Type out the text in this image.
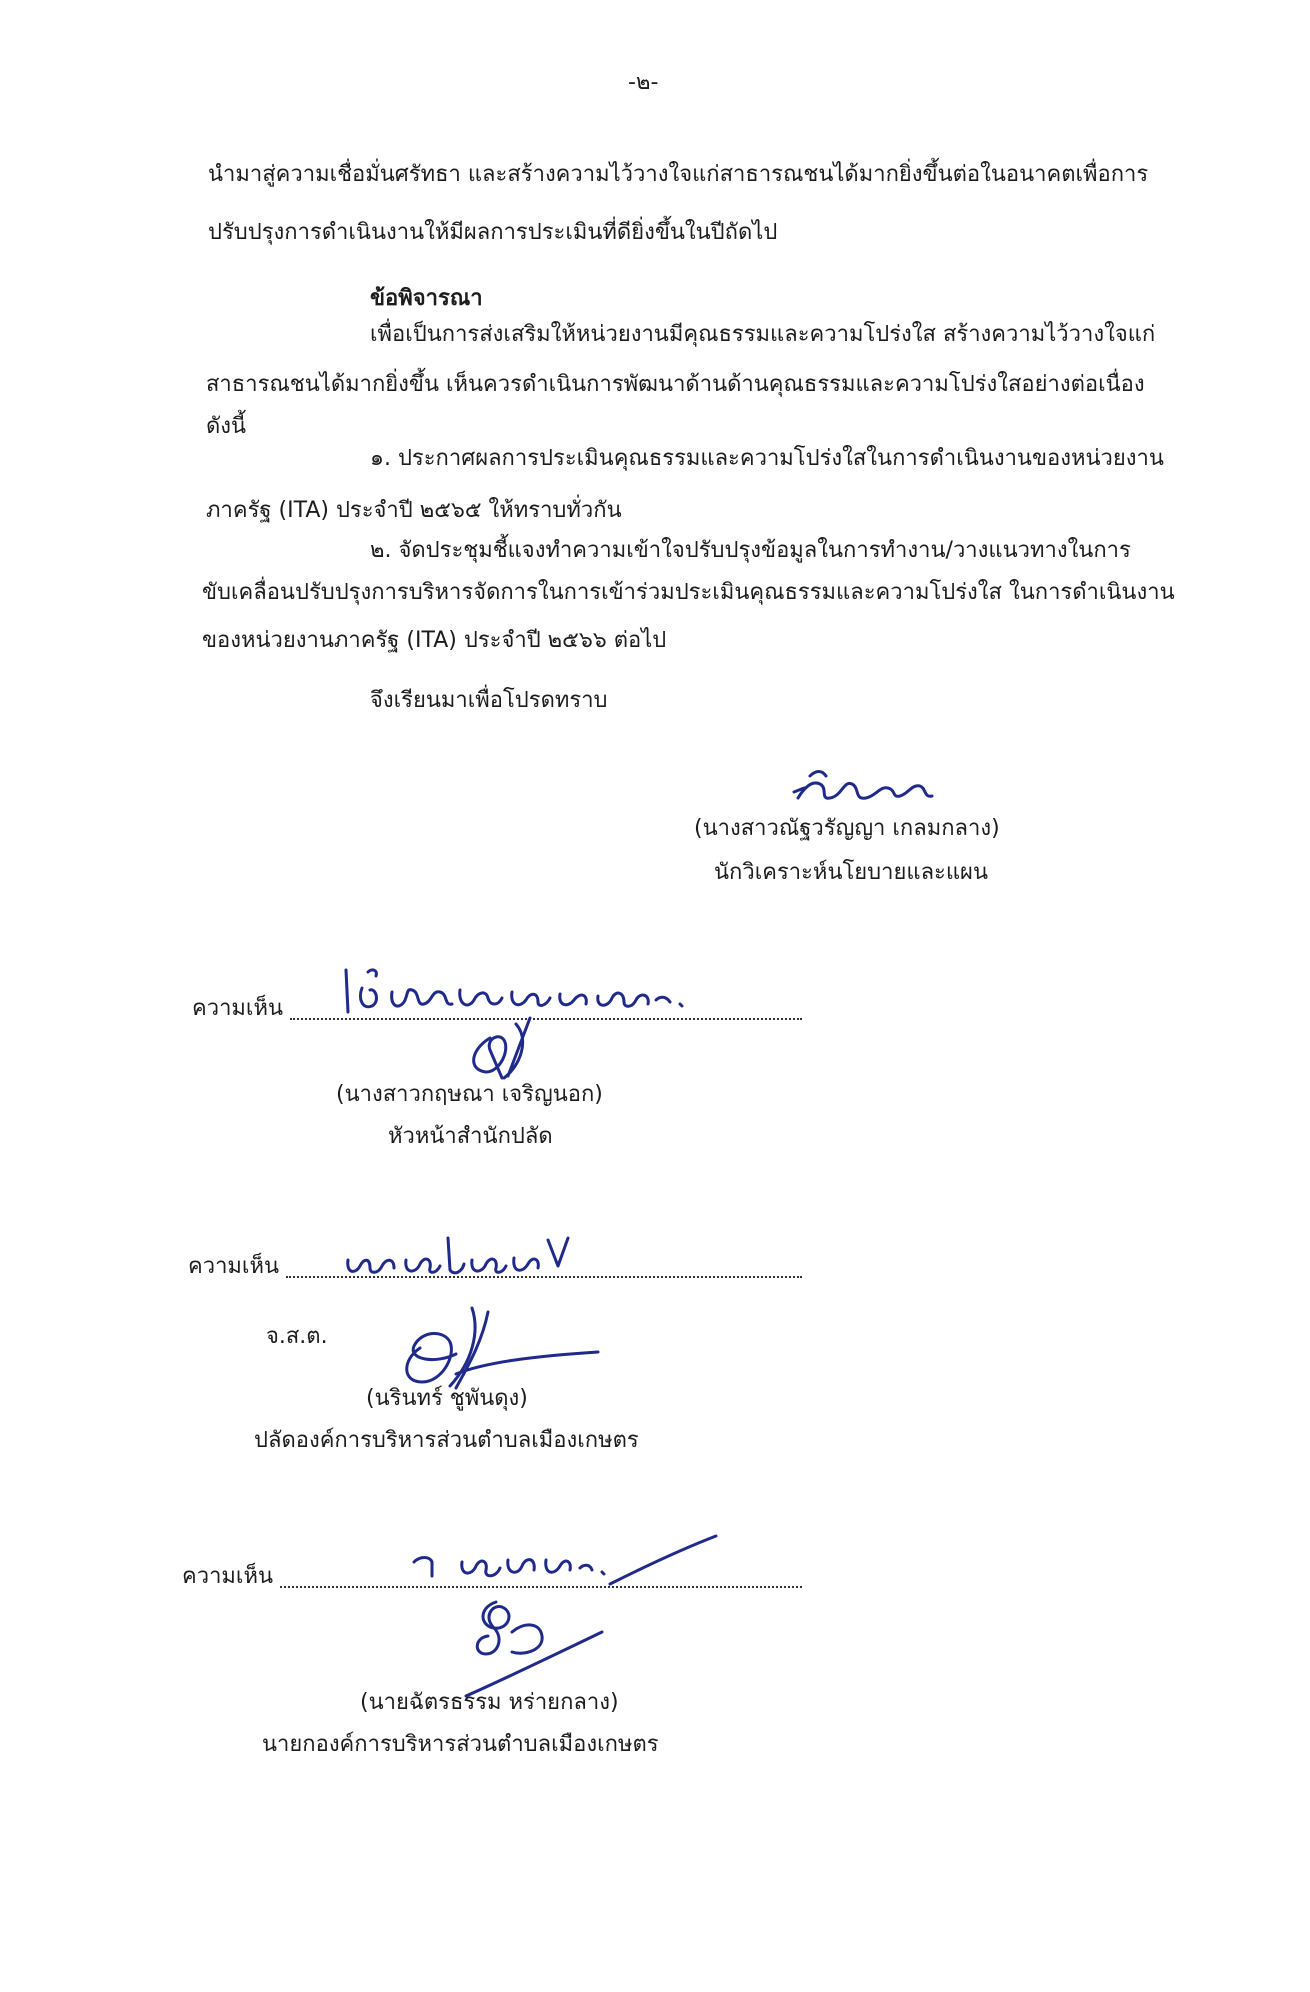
-๒-
นำมาสู่ความเชื่อมั่นศรัทธา และสร้างความไว้วางใจแก่สาธารณชนได้มากยิ่งขึ้นต่อในอนาคตเพื่อการ
ปรับปรุงการดำเนินงานให้มีผลการประเมินที่ดียิ่งขึ้นในปีถัดไป
ข้อพิจารณา
เพื่อเป็นการส่งเสริมให้หน่วยงานมีคุณธรรมและความโปร่งใส สร้างความไว้วางใจแก่
สาธารณชนได้มากยิ่งขึ้น เห็นควรดำเนินการพัฒนาด้านด้านคุณธรรมและความโปร่งใสอย่างต่อเนื่อง
ดังนี้
๑. ประกาศผลการประเมินคุณธรรมและความโปร่งใสในการดำเนินงานของหน่วยงาน
ภาครัฐ (ITA) ประจำปี ๒๕๖๕ ให้ทราบทั่วกัน
๒. จัดประชุมชี้แจงทำความเข้าใจปรับปรุงข้อมูลในการทำงาน/วางแนวทางในการ
ขับเคลื่อนปรับปรุงการบริหารจัดการในการเข้าร่วมประเมินคุณธรรมและความโปร่งใส ในการดำเนินงาน
ของหน่วยงานภาครัฐ (ITA) ประจำปี ๒๕๖๖ ต่อไป
จึงเรียนมาเพื่อโปรดทราบ
(นางสาวณัฐวรัญญา เกลมกลาง)
นักวิเคราะห์นโยบายและแผน
ความเห็น
(นางสาวกฤษณา เจริญนอก)
หัวหน้าสำนักปลัด
ความเห็น
จ.ส.ต.
(นรินทร์ ชูพันดุง)
ปลัดองค์การบริหารส่วนตำบลเมืองเกษตร
ความเห็น
(นายฉัตรธรรม หร่ายกลาง)
นายกองค์การบริหารส่วนตำบลเมืองเกษตร
